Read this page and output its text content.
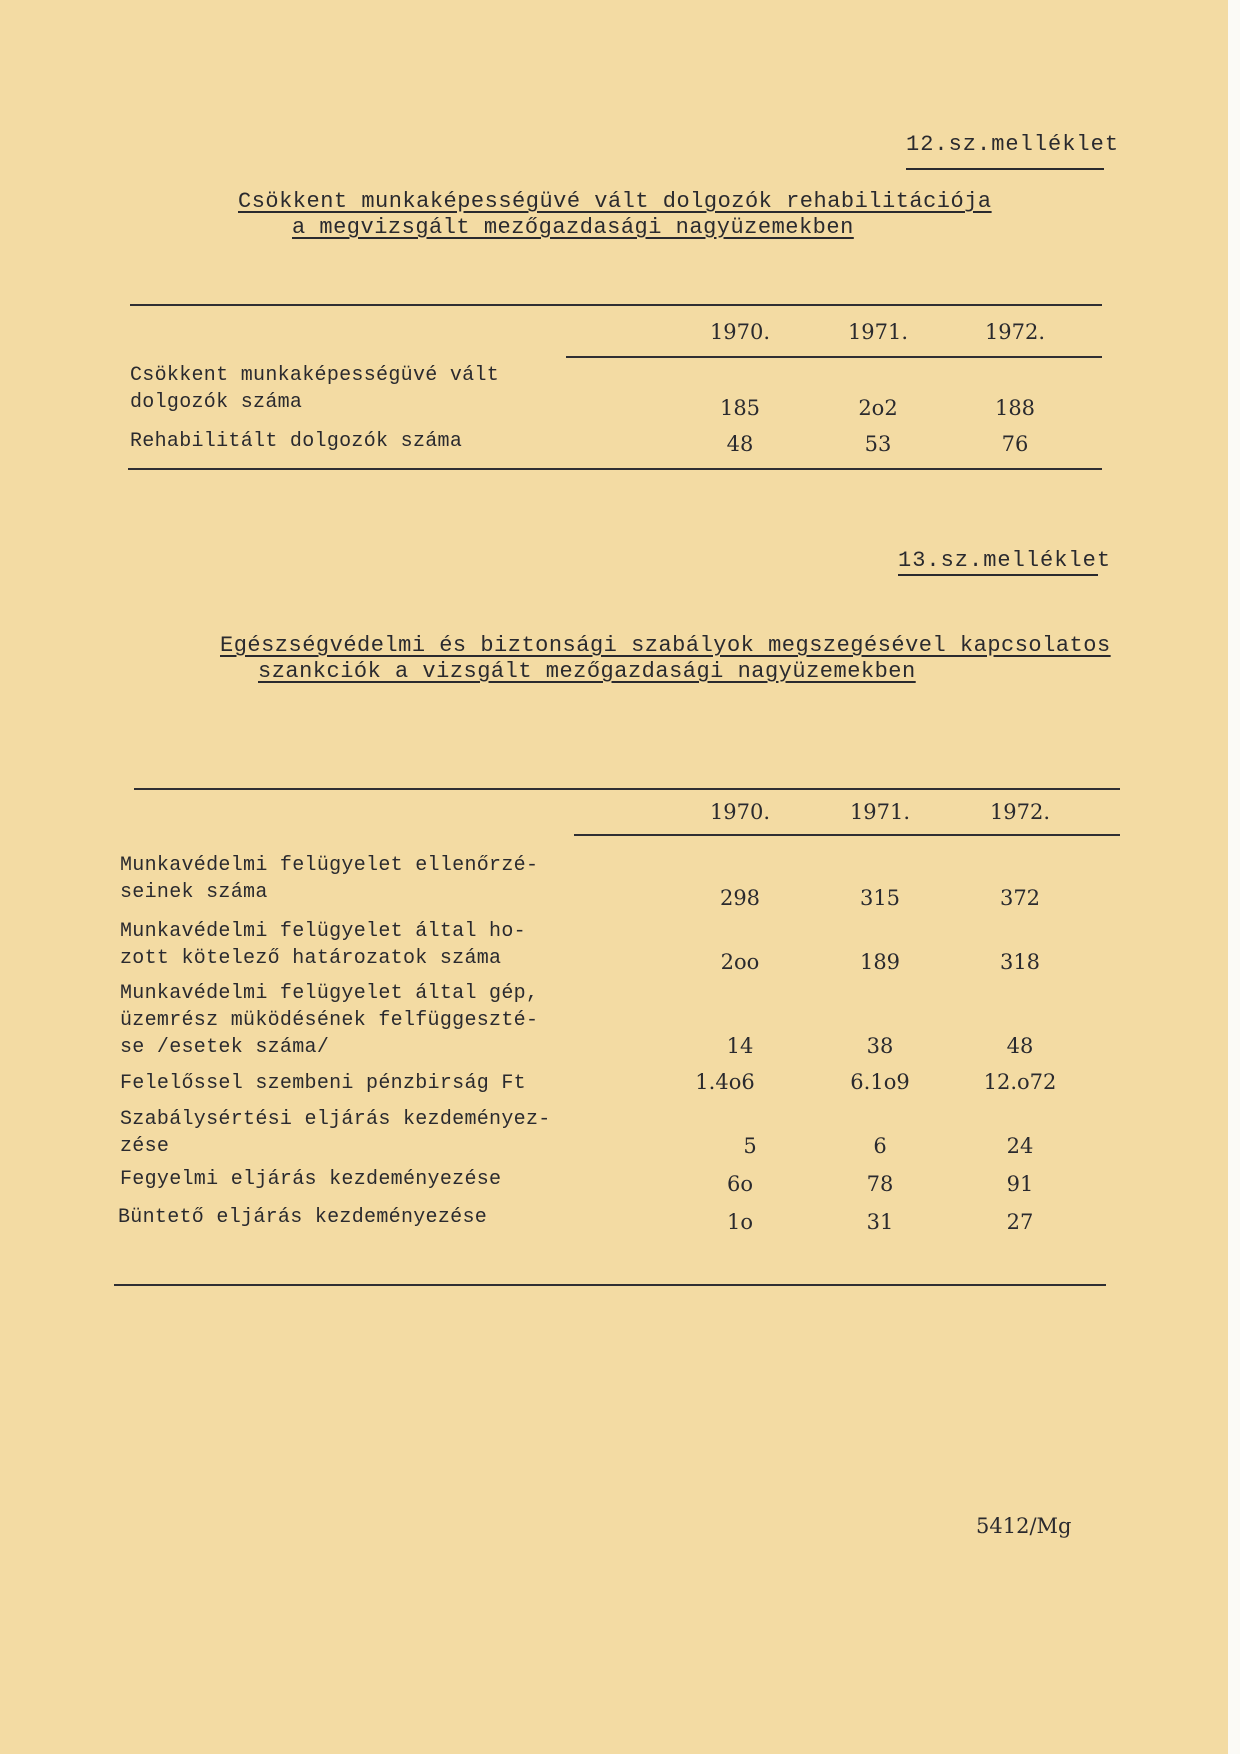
12.sz.melléklet
Csökkent munkaképességüvé vált dolgozók rehabilitációja
a megvizsgált mezőgazdasági nagyüzemekben
1970.	1971.	1972.
Csökkent munkaképességüvé vált
dolgozók száma	185	2o2	188
Rehabilitált dolgozók száma	48	53	76
13.sz.melléklet
Egészségvédelmi és biztonsági szabályok megszegésével kapcsolatos
szankciók a vizsgált mezőgazdasági nagyüzemekben
1970.	1971.	1972.
Munkavédelmi felügyelet ellenőrzé-
seinek száma	298	315	372
Munkavédelmi felügyelet által ho-
zott kötelező határozatok száma	2oo	189	318
Munkavédelmi felügyelet által gép,
üzemrész müködésének felfüggeszté-
se /esetek száma/	14	38	48
Felelőssel szembeni pénzbirság Ft	1.4o6	6.1o9	12.o72
Szabálysértési eljárás kezdeményez-
zése	5	6	24
Fegyelmi eljárás kezdeményezése	6o	78	91
Büntető eljárás kezdeményezése	1o	31	27
5412/Mg
